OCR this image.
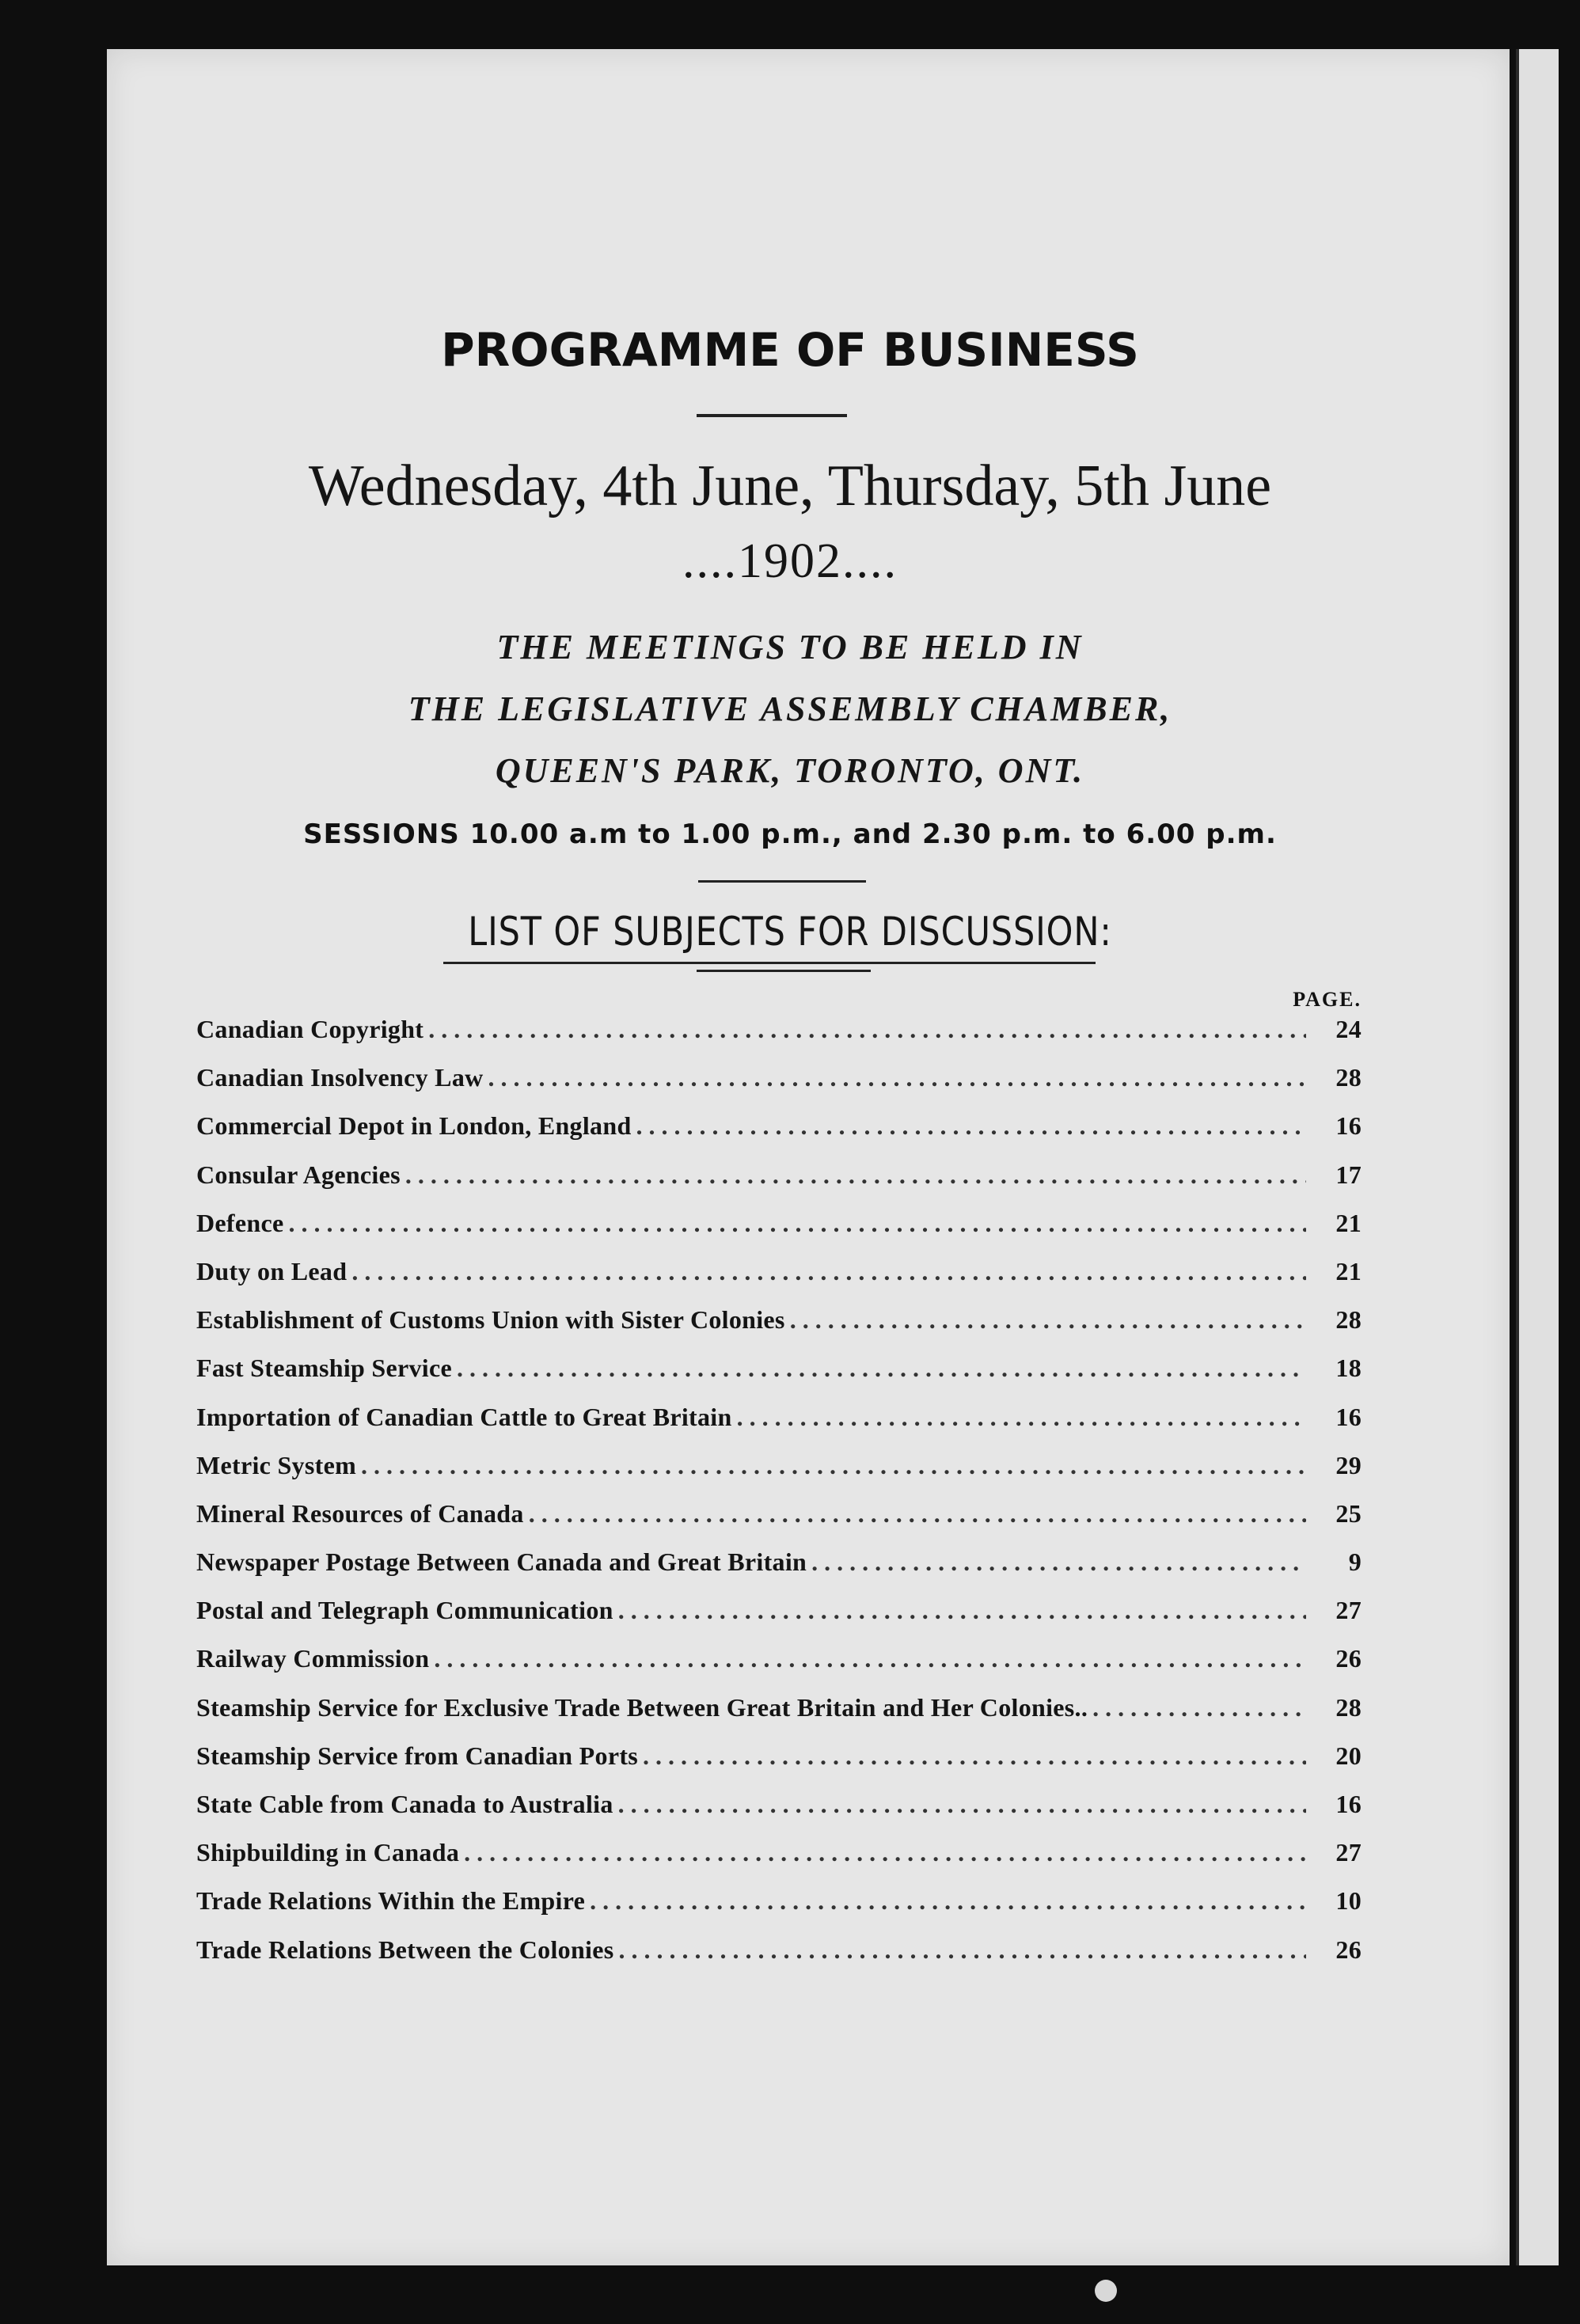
PROGRAMME OF BUSINESS
Wednesday, 4th June, Thursday, 5th June
....1902....
THE MEETINGS TO BE HELD IN
THE LEGISLATIVE ASSEMBLY CHAMBER,
QUEEN'S PARK, TORONTO, ONT.
SESSIONS 10.00 a.m to 1.00 p.m., and 2.30 p.m. to 6.00 p.m.
LIST OF SUBJECTS FOR DISCUSSION:
PAGE.
Canadian Copyright . . .	24
Canadian Insolvency Law . . .	28
Commercial Depot in London, England . . .	16
Consular Agencies . . .	17
Defence . . .	21
Duty on Lead . . .	21
Establishment of Customs Union with Sister Colonies . . .	28
Fast Steamship Service . . .	18
Importation of Canadian Cattle to Great Britain . . .	16
Metric System . . .	29
Mineral Resources of Canada . . .	25
Newspaper Postage Between Canada and Great Britain . . .	9
Postal and Telegraph Communication . . .	27
Railway Commission . . .	26
Steamship Service for Exclusive Trade Between Great Britain and Her Colonies.. . . .	28
Steamship Service from Canadian Ports . . .	20
State Cable from Canada to Australia . . .	16
Shipbuilding in Canada . . .	27
Trade Relations Within the Empire . . .	10
Trade Relations Between the Colonies . . .	26
